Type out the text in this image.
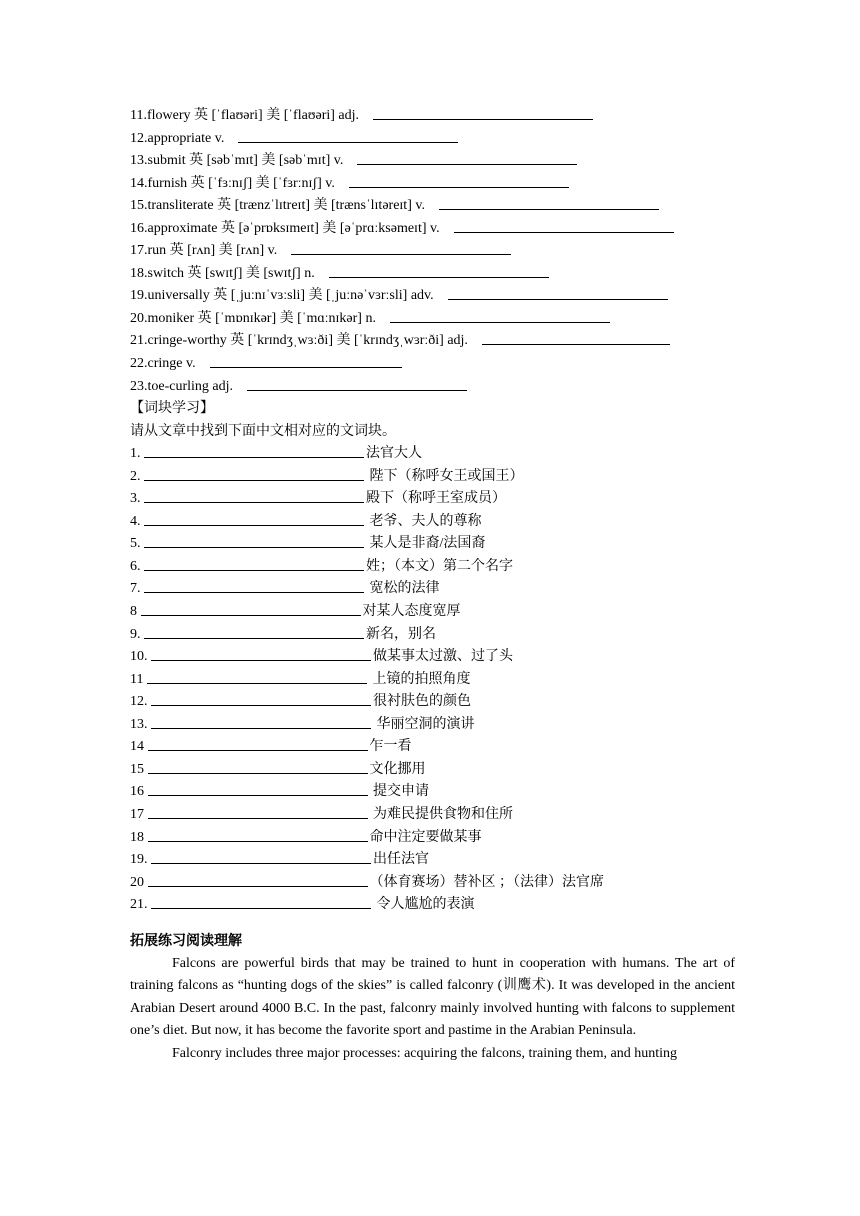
11.flowery 英 [ˈflaʊəri] 美 [ˈflaʊəri] adj.
12.appropriate v.
13.submit 英 [səbˈmɪt] 美 [səbˈmɪt] v.
14.furnish 英 [ˈfɜːnɪʃ] 美 [ˈfɜrːnɪʃ] v.
15.transliterate 英 [trænzˈlɪtreɪt] 美 [trænsˈlɪtəreɪt] v.
16.approximate 英 [əˈprɒksɪmeɪt] 美 [əˈprɑːksəmeɪt] v.
17.run 英 [rʌn] 美 [rʌn] v.
18.switch 英 [swɪtʃ] 美 [swɪtʃ] n.
19.universally 英 [ˌjuːnɪˈvɜːsli] 美 [ˌjuːnəˈvɜrːsli] adv.
20.moniker 英 [ˈmɒnɪkər] 美 [ˈmɑːnɪkər] n.
21.cringe-worthy 英 [ˈkrɪndʒˌwɜːði] 美 [ˈkrɪndʒˌwɜrːði] adj.
22.cringe v.
23.toe-curling adj.
【词块学习】
请从文章中找到下面中文相对应的文词块。
1.	法官大人
2.	陛下（称呼女王或国王）
3.	殿下（称呼王室成员）
4.	老爷、夫人的尊称
5.	某人是非裔/法国裔
6.	姓；（本文）第二个名字
7.	宽松的法律
8	对某人态度宽厚
9.	新名，别名
10.	做某事太过激、过了头
11	上镜的拍照角度
12.	很衬肤色的颜色
13.	华丽空洞的演讲
14	乍一看
15	文化挪用
16	提交申请
17	为难民提供食物和住所
18	命中注定要做某事
19.	出任法官
20	（体育赛场）替补区 ；（法律）法官席
21.	令人尴尬的表演
拓展练习阅读理解

Falcons are powerful birds that may be trained to hunt in cooperation with humans. The art of training falcons as “hunting dogs of the skies” is called falconry (训鹰术). It was developed in the ancient Arabian Desert around 4000 B.C. In the past, falconry mainly involved hunting with falcons to supplement one’s diet. But now, it has become the favorite sport and pastime in the Arabian Peninsula.

Falconry includes three major processes: acquiring the falcons, training them, and hunting
